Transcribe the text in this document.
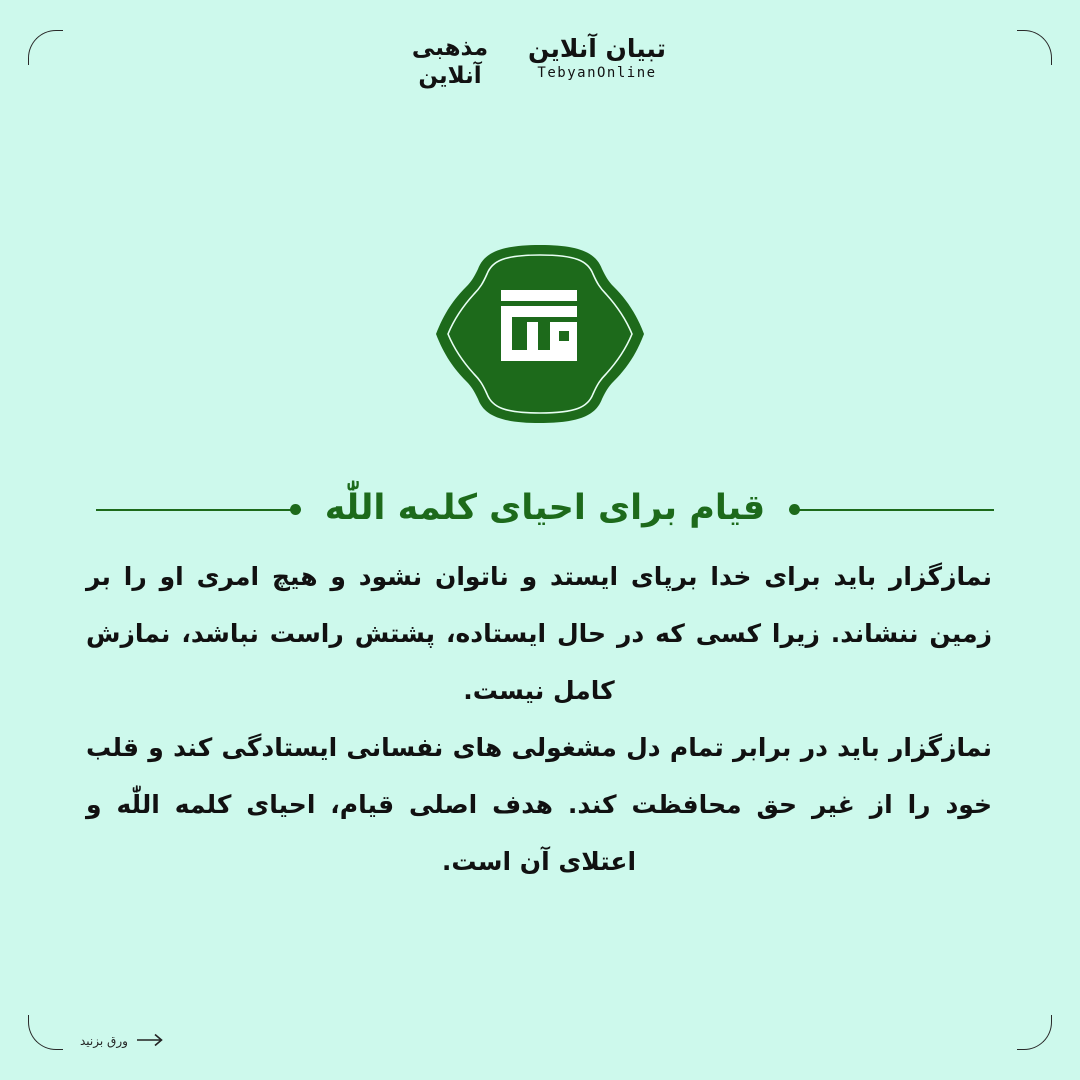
مذهبی
آنلاین
تبیان آنلاین
TebyanOnline
قیام برای احیای کلمه اللّٰه

نمازگزار باید برای خدا برپای ایستد و ناتوان نشود و هیچ امری او را بر زمین ننشاند. زیرا کسی که در حال ایستاده، پشتش راست نباشد، نمازش کامل نیست.

نمازگزار باید در برابر تمام دل مشغولی های نفسانی ایستادگی کند و قلب خود را از غیر حق محافظت کند. هدف اصلی قیام، احیای کلمه اللّٰه و اعتلای آن است.

ورق بزنید
